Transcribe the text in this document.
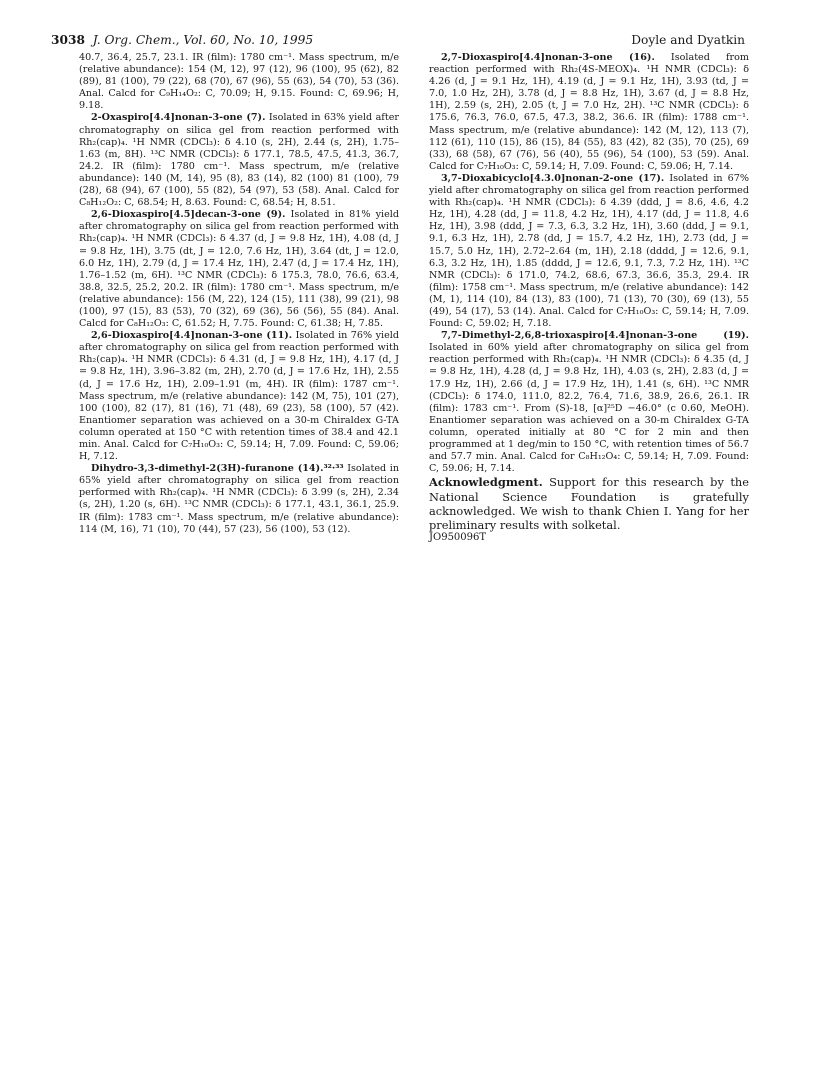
3038 J. Org. Chem., Vol. 60, No. 10, 1995	Doyle and Dyatkin

40.7, 36.4, 25.7, 23.1. IR (film): 1780 cm⁻¹. Mass spectrum, m/e (relative abundance): 154 (M, 12), 97 (12), 96 (100), 95 (62), 82 (89), 81 (100), 79 (22), 68 (70), 67 (96), 55 (63), 54 (70), 53 (36). Anal. Calcd for C₉H₁₄O₂: C, 70.09; H, 9.15. Found: C, 69.96; H, 9.18.

2-Oxaspiro[4.4]nonan-3-one (7). Isolated in 63% yield after chromatography on silica gel from reaction performed with Rh₂(cap)₄. ¹H NMR (CDCl₃): δ 4.10 (s, 2H), 2.44 (s, 2H), 1.75–1.63 (m, 8H). ¹³C NMR (CDCl₃): δ 177.1, 78.5, 47.5, 41.3, 36.7, 24.2. IR (film): 1780 cm⁻¹. Mass spectrum, m/e (relative abundance): 140 (M, 14), 95 (8), 83 (14), 82 (100) 81 (100), 79 (28), 68 (94), 67 (100), 55 (82), 54 (97), 53 (58). Anal. Calcd for C₈H₁₂O₂: C, 68.54; H, 8.63. Found: C, 68.54; H, 8.51.

2,6-Dioxaspiro[4.5]decan-3-one (9). Isolated in 81% yield after chromatography on silica gel from reaction performed with Rh₂(cap)₄. ¹H NMR (CDCl₃): δ 4.37 (d, J = 9.8 Hz, 1H), 4.08 (d, J = 9.8 Hz, 1H), 3.75 (dt, J = 12.0, 7.6 Hz, 1H), 3.64 (dt, J = 12.0, 6.0 Hz, 1H), 2.79 (d, J = 17.4 Hz, 1H), 2.47 (d, J = 17.4 Hz, 1H), 1.76–1.52 (m, 6H). ¹³C NMR (CDCl₃): δ 175.3, 78.0, 76.6, 63.4, 38.8, 32.5, 25.2, 20.2. IR (film): 1780 cm⁻¹. Mass spectrum, m/e (relative abundance): 156 (M, 22), 124 (15), 111 (38), 99 (21), 98 (100), 97 (15), 83 (53), 70 (32), 69 (36), 56 (56), 55 (84). Anal. Calcd for C₈H₁₂O₃: C, 61.52; H, 7.75. Found: C, 61.38; H, 7.85.

2,6-Dioxaspiro[4.4]nonan-3-one (11). Isolated in 76% yield after chromatography on silica gel from reaction performed with Rh₂(cap)₄. ¹H NMR (CDCl₃): δ 4.31 (d, J = 9.8 Hz, 1H), 4.17 (d, J = 9.8 Hz, 1H), 3.96–3.82 (m, 2H), 2.70 (d, J = 17.6 Hz, 1H), 2.55 (d, J = 17.6 Hz, 1H), 2.09–1.91 (m, 4H). IR (film): 1787 cm⁻¹. Mass spectrum, m/e (relative abundance): 142 (M, 75), 101 (27), 100 (100), 82 (17), 81 (16), 71 (48), 69 (23), 58 (100), 57 (42). Enantiomer separation was achieved on a 30-m Chiraldex G-TA column operated at 150 °C with retention times of 38.4 and 42.1 min. Anal. Calcd for C₇H₁₀O₃: C, 59.14; H, 7.09. Found: C, 59.06; H, 7.12.

Dihydro-3,3-dimethyl-2(3H)-furanone (14).³²·³³ Isolated in 65% yield after chromatography on silica gel from reaction performed with Rh₂(cap)₄. ¹H NMR (CDCl₃): δ 3.99 (s, 2H), 2.34 (s, 2H), 1.20 (s, 6H). ¹³C NMR (CDCl₃): δ 177.1, 43.1, 36.1, 25.9. IR (film): 1783 cm⁻¹. Mass spectrum, m/e (relative abundance): 114 (M, 16), 71 (10), 70 (44), 57 (23), 56 (100), 53 (12).

2,7-Dioxaspiro[4.4]nonan-3-one (16). Isolated from reaction performed with Rh₂(4S-MEOX)₄. ¹H NMR (CDCl₃): δ 4.26 (d, J = 9.1 Hz, 1H), 4.19 (d, J = 9.1 Hz, 1H), 3.93 (td, J = 7.0, 1.0 Hz, 2H), 3.78 (d, J = 8.8 Hz, 1H), 3.67 (d, J = 8.8 Hz, 1H), 2.59 (s, 2H), 2.05 (t, J = 7.0 Hz, 2H). ¹³C NMR (CDCl₃): δ 175.6, 76.3, 76.0, 67.5, 47.3, 38.2, 36.6. IR (film): 1788 cm⁻¹. Mass spectrum, m/e (relative abundance): 142 (M, 12), 113 (7), 112 (61), 110 (15), 86 (15), 84 (55), 83 (42), 82 (35), 70 (25), 69 (33), 68 (58), 67 (76), 56 (40), 55 (96), 54 (100), 53 (59). Anal. Calcd for C₇H₁₀O₃: C, 59.14; H, 7.09. Found: C, 59.06; H, 7.14.

3,7-Dioxabicyclo[4.3.0]nonan-2-one (17). Isolated in 67% yield after chromatography on silica gel from reaction performed with Rh₂(cap)₄. ¹H NMR (CDCl₃): δ 4.39 (ddd, J = 8.6, 4.6, 4.2 Hz, 1H), 4.28 (dd, J = 11.8, 4.2 Hz, 1H), 4.17 (dd, J = 11.8, 4.6 Hz, 1H), 3.98 (ddd, J = 7.3, 6.3, 3.2 Hz, 1H), 3.60 (ddd, J = 9.1, 9.1, 6.3 Hz, 1H), 2.78 (dd, J = 15.7, 4.2 Hz, 1H), 2.73 (dd, J = 15.7, 5.0 Hz, 1H), 2.72–2.64 (m, 1H), 2.18 (dddd, J = 12.6, 9.1, 6.3, 3.2 Hz, 1H), 1.85 (dddd, J = 12.6, 9.1, 7.3, 7.2 Hz, 1H). ¹³C NMR (CDCl₃): δ 171.0, 74.2, 68.6, 67.3, 36.6, 35.3, 29.4. IR (film): 1758 cm⁻¹. Mass spectrum, m/e (relative abundance): 142 (M, 1), 114 (10), 84 (13), 83 (100), 71 (13), 70 (30), 69 (13), 55 (49), 54 (17), 53 (14). Anal. Calcd for C₇H₁₀O₃: C, 59.14; H, 7.09. Found: C, 59.02; H, 7.18.

7,7-Dimethyl-2,6,8-trioxaspiro[4.4]nonan-3-one (19). Isolated in 60% yield after chromatography on silica gel from reaction performed with Rh₂(cap)₄. ¹H NMR (CDCl₃): δ 4.35 (d, J = 9.8 Hz, 1H), 4.28 (d, J = 9.8 Hz, 1H), 4.03 (s, 2H), 2.83 (d, J = 17.9 Hz, 1H), 2.66 (d, J = 17.9 Hz, 1H), 1.41 (s, 6H). ¹³C NMR (CDCl₃): δ 174.0, 111.0, 82.2, 76.4, 71.6, 38.9, 26.6, 26.1. IR (film): 1783 cm⁻¹. From (S)-18, [α]²⁵D −46.0° (c 0.60, MeOH). Enantiomer separation was achieved on a 30-m Chiraldex G-TA column, operated initially at 80 °C for 2 min and then programmed at 1 deg/min to 150 °C, with retention times of 56.7 and 57.7 min. Anal. Calcd for C₈H₁₂O₄: C, 59.14; H, 7.09. Found: C, 59.06; H, 7.14.

Acknowledgment. Support for this research by the National Science Foundation is gratefully acknowledged. We wish to thank Chien I. Yang for her preliminary results with solketal.

JO950096T
